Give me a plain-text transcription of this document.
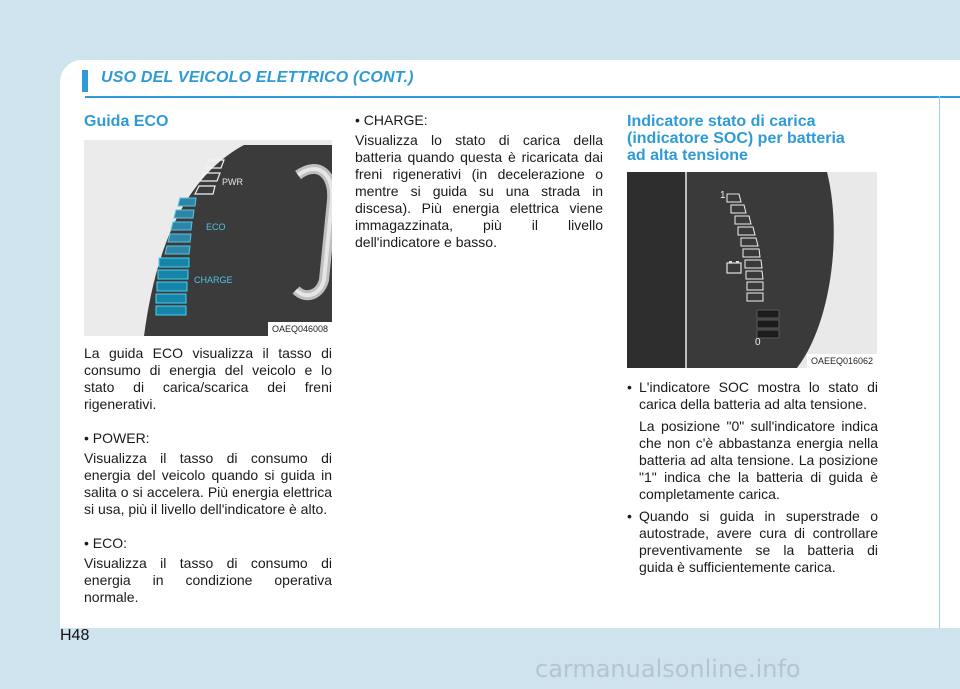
USO DEL VEICOLO ELETTRICO (CONT.)
Guida ECO
PWR
ECO
CHARGE
OAEQ046008

La guida ECO visualizza il tasso di consumo di energia del veicolo e lo stato di carica/scarica dei freni rigenerativi.

• POWER:

Visualizza il tasso di consumo di energia del veicolo quando si guida in salita o si accelera. Più energia elettrica si usa, più il livello dell'indicatore è alto.

• ECO:

Visualizza il tasso di consumo di energia in condizione operativa normale.

• CHARGE:

Visualizza lo stato di carica della batteria quando questa è ricaricata dai freni rigenerativi (in decelerazione o mentre si guida su una strada in discesa). Più energia elettrica viene immagazzinata, più il livello dell'indicatore e basso.

Indicatore stato di carica
(indicatore SOC) per batteria
ad alta tensione
1
0
OAEEQ016062
• L'indicatore SOC mostra lo stato di carica della batteria ad alta tensione.

La posizione "0" sull'indicatore indica che non c'è abbastanza energia nella batteria ad alta tensione. La posizione "1" indica che la batteria di guida è completamente carica.

• Quando si guida in superstrade o autostrade, avere cura di controllare preventivamente se la batteria di guida è sufficientemente carica.

H48
carmanualsonline.info
